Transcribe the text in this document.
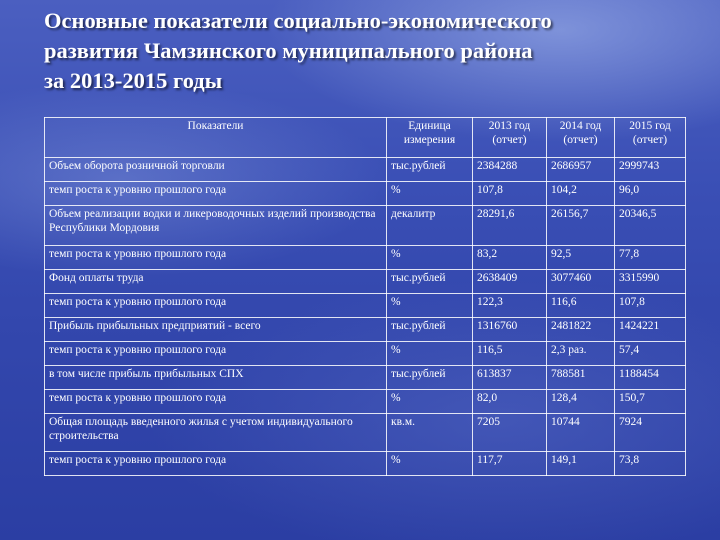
Основные показатели социально-экономического
развития Чамзинского муниципального района
за 2013-2015 годы
Показатели	Единица измерения	2013 год (отчет)	2014 год (отчет)	2015 год (отчет)
Объем оборота розничной торговли	тыс.рублей	2384288	2686957	2999743
темп роста к уровню прошлого года	%	107,8	104,2	96,0
Объем реализации водки и ликероводочных изделий производства Республики Мордовия	декалитр	28291,6	26156,7	20346,5
темп роста к уровню прошлого года	%	83,2	92,5	77,8
Фонд оплаты труда	тыс.рублей	2638409	3077460	3315990
темп роста к уровню прошлого года	%	122,3	116,6	107,8
Прибыль прибыльных предприятий - всего	тыс.рублей	1316760	2481822	1424221
темп роста к уровню прошлого года	%	116,5	2,3 раз.	57,4
в том числе прибыль прибыльных СПХ	тыс.рублей	613837	788581	1188454
темп роста к уровню прошлого года	%	82,0	128,4	150,7
Общая площадь введенного жилья с учетом индивидуального строительства	кв.м.	7205	10744	7924
темп роста к уровню прошлого года	%	117,7	149,1	73,8
